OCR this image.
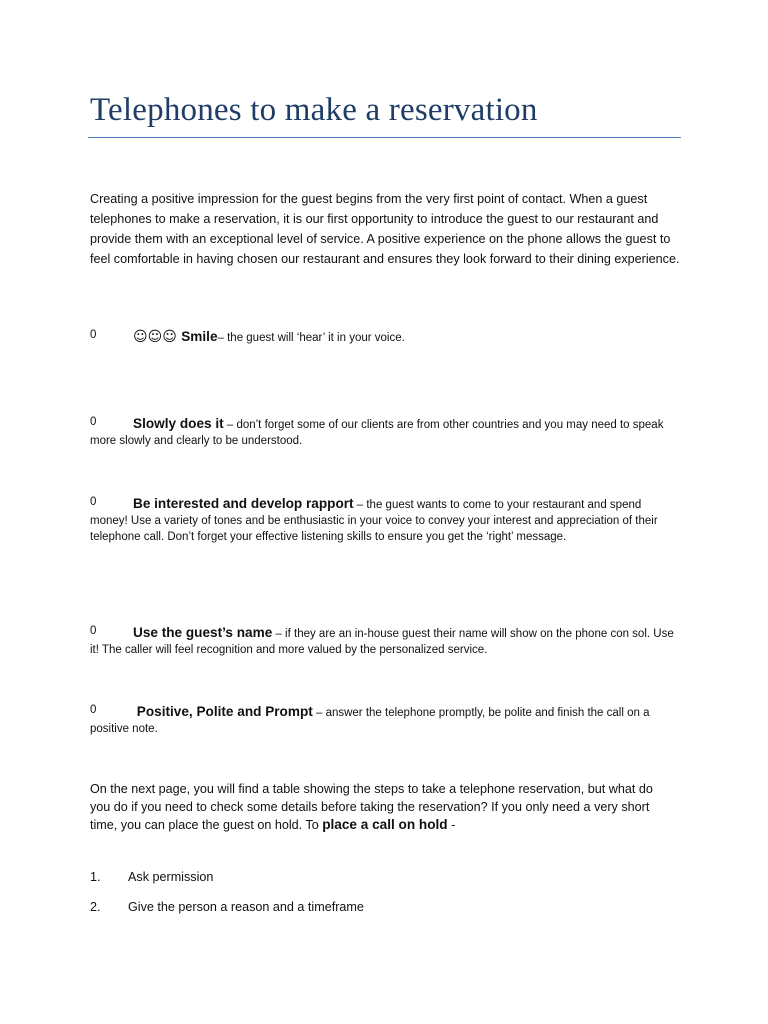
Telephones to make a reservation

Creating a positive impression for the guest begins from the very first point of contact. When a guest telephones to make a reservation, it is our first opportunity to introduce the guest to our restaurant and provide them with an exceptional level of service. A positive experience on the phone allows the guest to feel comfortable in having chosen our restaurant and ensures they look forward to their dining experience.

0	☺☺☺ Smile– the guest will ‘hear’ it in your voice.

0	Slowly does it – don’t forget some of our clients are from other countries and you may need to speak more slowly and clearly to be understood.

0	Be interested and develop rapport – the guest wants to come to your restaurant and spend money! Use a variety of tones and be enthusiastic in your voice to convey your interest and appreciation of their telephone call. Don’t forget your effective listening skills to ensure you get the ‘right’ message.

0	Use the guest’s name – if they are an in-house guest their name will show on the phone con sol. Use it! The caller will feel recognition and more valued by the personalized service.

0	Positive, Polite and Prompt – answer the telephone promptly, be polite and finish the call on a positive note.

On the next page, you will find a table showing the steps to take a telephone reservation, but what do you do if you need to check some details before taking the reservation? If you only need a very short time, you can place the guest on hold. To place a call on hold -

1. Ask permission
2. Give the person a reason and a timeframe
